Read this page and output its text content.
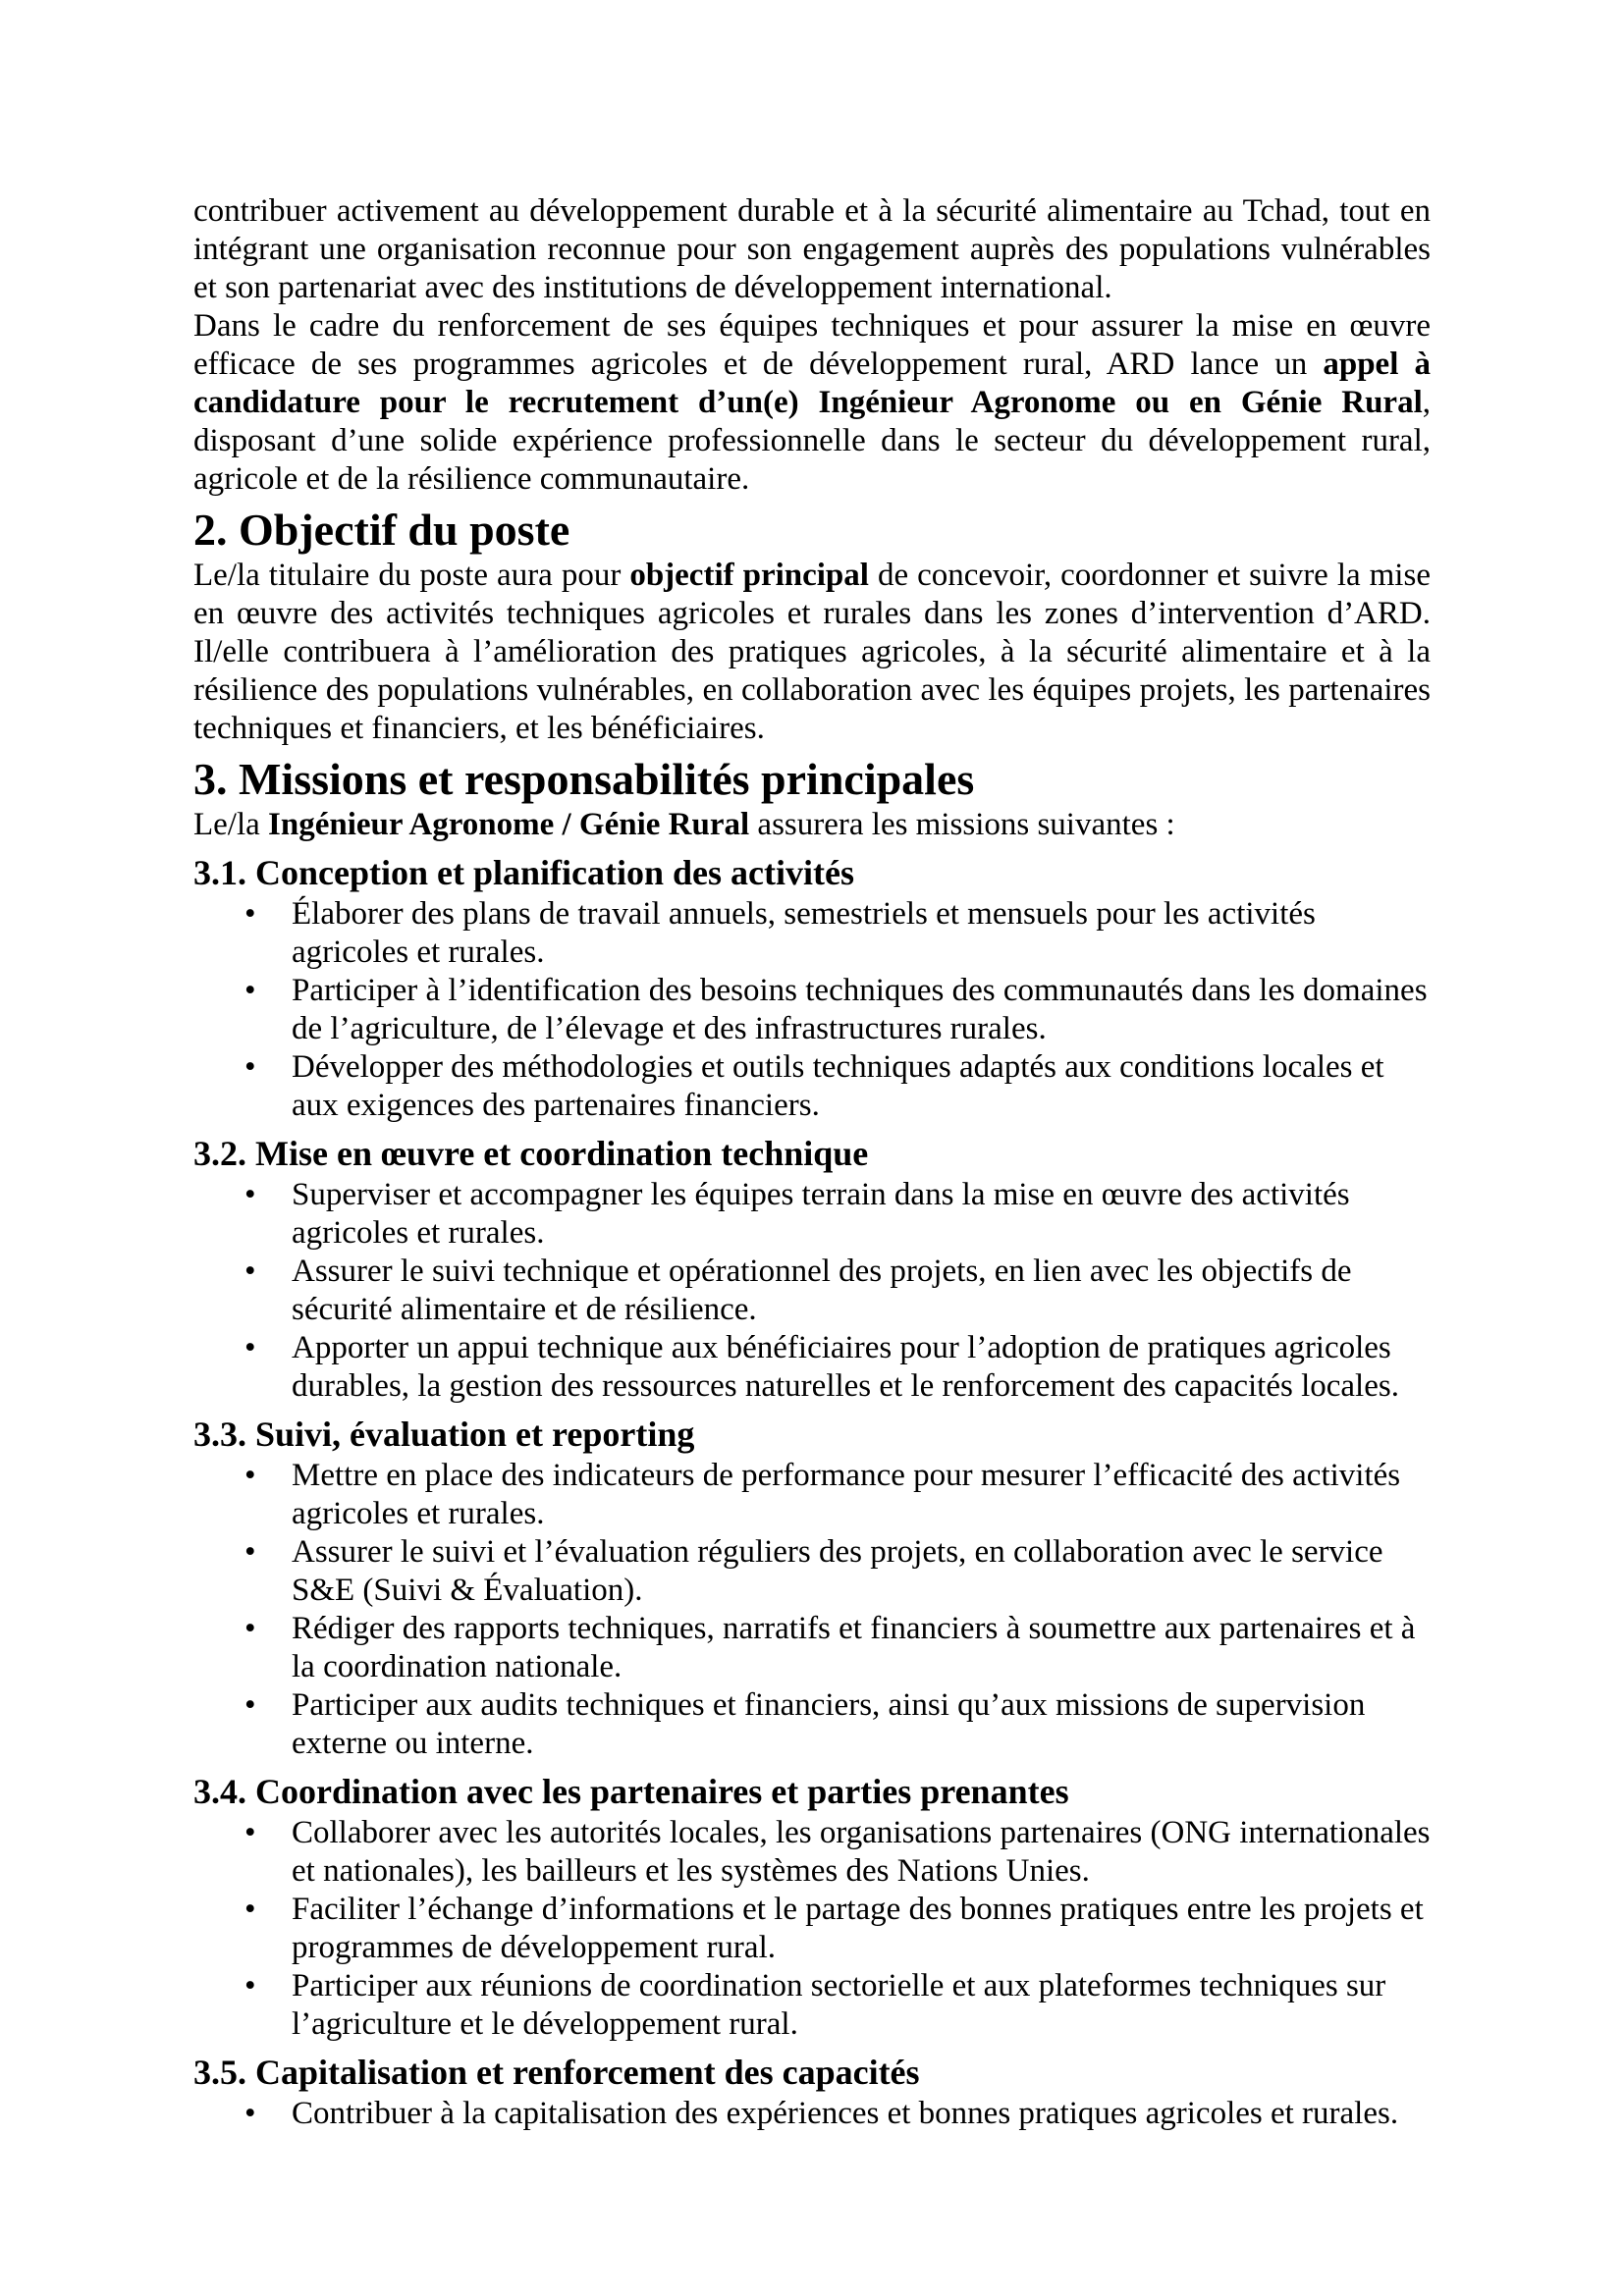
contribuer activement au développement durable et à la sécurité alimentaire au Tchad, tout en intégrant une organisation reconnue pour son engagement auprès des populations vulnérables et son partenariat avec des institutions de développement international.

Dans le cadre du renforcement de ses équipes techniques et pour assurer la mise en œuvre efficace de ses programmes agricoles et de développement rural, ARD lance un appel à candidature pour le recrutement d’un(e) Ingénieur Agronome ou en Génie Rural, disposant d’une solide expérience professionnelle dans le secteur du développement rural, agricole et de la résilience communautaire.

2. Objectif du poste

Le/la titulaire du poste aura pour objectif principal de concevoir, coordonner et suivre la mise en œuvre des activités techniques agricoles et rurales dans les zones d’intervention d’ARD. Il/elle contribuera à l’amélioration des pratiques agricoles, à la sécurité alimentaire et à la résilience des populations vulnérables, en collaboration avec les équipes projets, les partenaires techniques et financiers, et les bénéficiaires.

3. Missions et responsabilités principales

Le/la Ingénieur Agronome / Génie Rural assurera les missions suivantes :

3.1. Conception et planification des activités
• Élaborer des plans de travail annuels, semestriels et mensuels pour les activités agricoles et rurales.
• Participer à l’identification des besoins techniques des communautés dans les domaines de l’agriculture, de l’élevage et des infrastructures rurales.
• Développer des méthodologies et outils techniques adaptés aux conditions locales et aux exigences des partenaires financiers.
3.2. Mise en œuvre et coordination technique
• Superviser et accompagner les équipes terrain dans la mise en œuvre des activités agricoles et rurales.
• Assurer le suivi technique et opérationnel des projets, en lien avec les objectifs de sécurité alimentaire et de résilience.
• Apporter un appui technique aux bénéficiaires pour l’adoption de pratiques agricoles durables, la gestion des ressources naturelles et le renforcement des capacités locales.
3.3. Suivi, évaluation et reporting
• Mettre en place des indicateurs de performance pour mesurer l’efficacité des activités agricoles et rurales.
• Assurer le suivi et l’évaluation réguliers des projets, en collaboration avec le service S&E (Suivi & Évaluation).
• Rédiger des rapports techniques, narratifs et financiers à soumettre aux partenaires et à la coordination nationale.
• Participer aux audits techniques et financiers, ainsi qu’aux missions de supervision externe ou interne.
3.4. Coordination avec les partenaires et parties prenantes
• Collaborer avec les autorités locales, les organisations partenaires (ONG internationales et nationales), les bailleurs et les systèmes des Nations Unies.
• Faciliter l’échange d’informations et le partage des bonnes pratiques entre les projets et programmes de développement rural.
• Participer aux réunions de coordination sectorielle et aux plateformes techniques sur l’agriculture et le développement rural.
3.5. Capitalisation et renforcement des capacités
• Contribuer à la capitalisation des expériences et bonnes pratiques agricoles et rurales.
